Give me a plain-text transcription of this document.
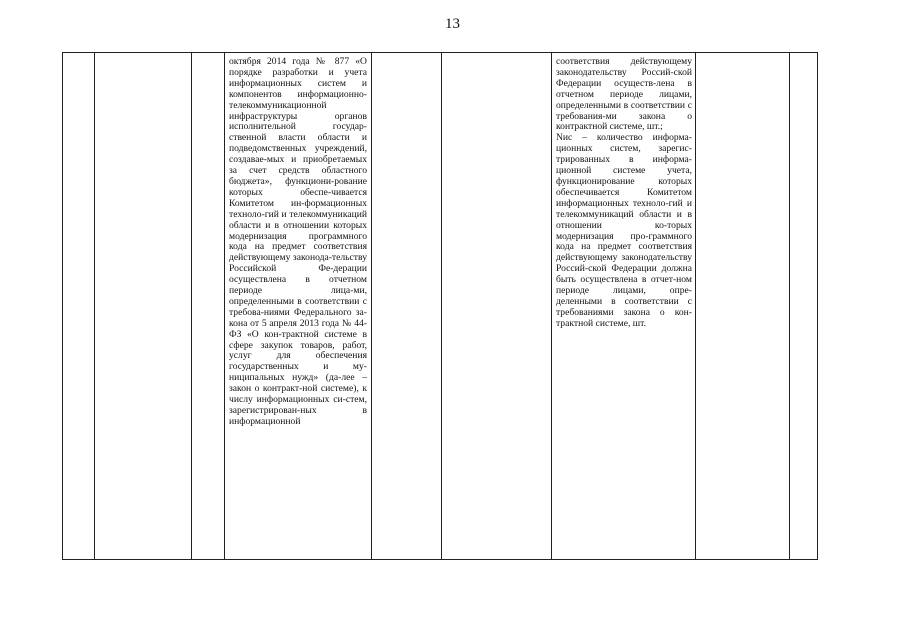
13

октября 2014 года № 877 «О порядке разработки и учета информационных систем и компонентов информационно-телекоммуникационной инфраструктуры органов исполнительной государ-ственной власти области и подведомственных учреждений, создавае-мых и приобретаемых за счет средств областного бюджета», функциони-рование которых обеспе-чивается Комитетом ин-формационных техноло-гий и телекоммуникаций области и в отношении которых модернизация программного кода на предмет соответствия действующему законода-тельству Российской Фе-дерации осуществлена в отчетном периоде лица-ми, определенными в соответствии с требова-ниями Федерального за-кона от 5 апреля 2013 года № 44-ФЗ «О кон-трактной системе в сфере закупок товаров, работ, услуг для обеспечения государственных и му-ниципальных нужд» (да-лее – закон о контракт-ной системе), к числу информационных си-стем, зарегистрирован-ных в информационной

соответствия действующему законодательству Россий-ской Федерации осуществ-лена в отчетном периоде лицами, определенными в соответствии с требования-ми закона о контрактной системе, шт.;

Nис – количество информа-ционных систем, зарегис-трированных в информа-ционной системе учета, функционирование которых обеспечивается Комитетом информационных техноло-гий и телекоммуникаций области и в отношении ко-торых модернизация про-граммного кода на предмет соответствия действующему законодательству Россий-ской Федерации должна быть осуществлена в отчет-ном периоде лицами, опре-деленными в соответствии с требованиями закона о кон-трактной системе, шт.
